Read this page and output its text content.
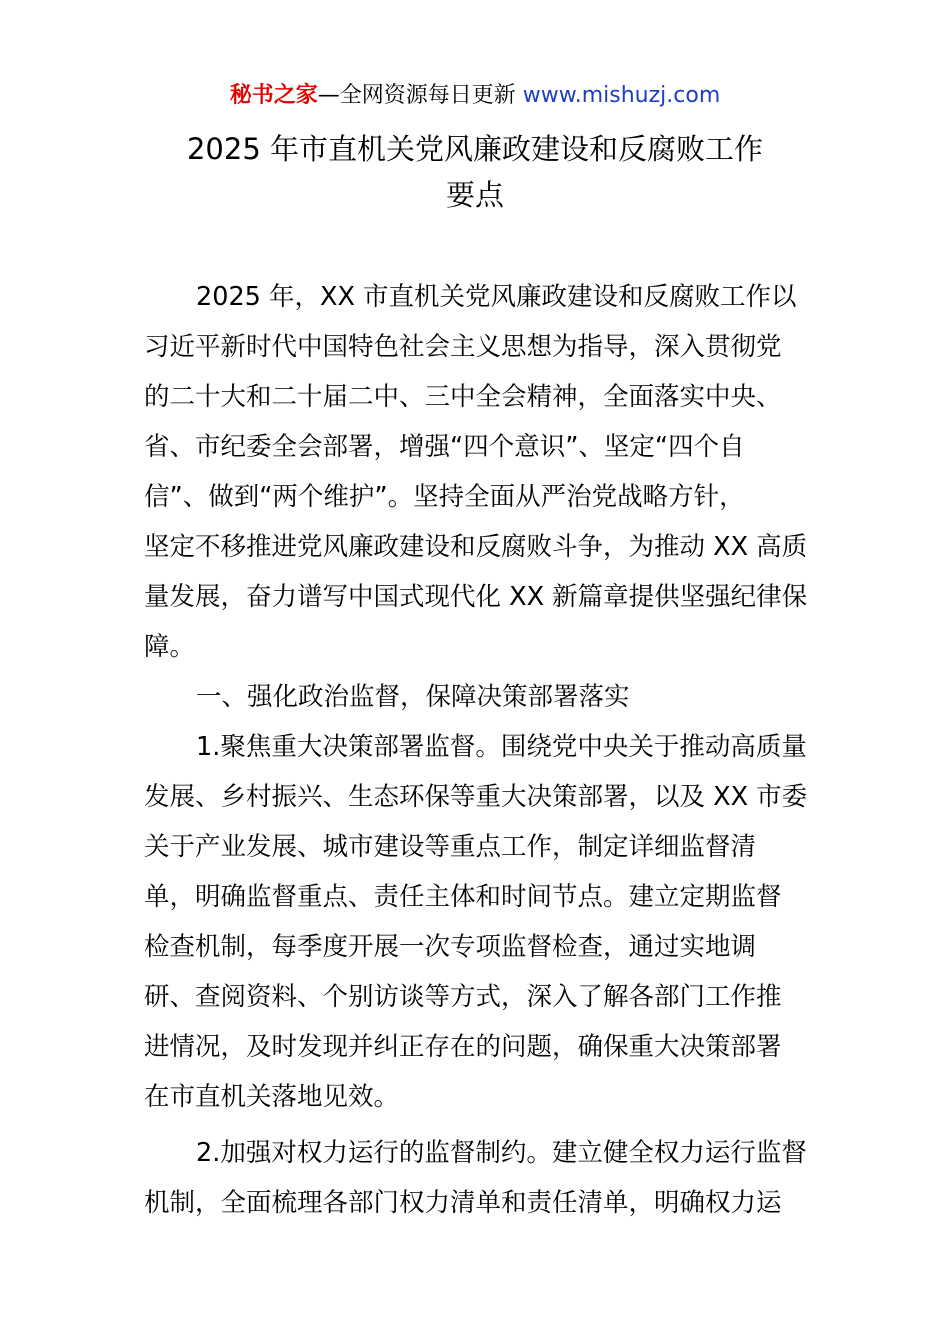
秘书之家—全网资源每日更新 www.mishuzj.com
2025 年市直机关党风廉政建设和反腐败工作
要点
2025 年，XX 市直机关党风廉政建设和反腐败工作以
习近平新时代中国特色社会主义思想为指导，深入贯彻党
的二十大和二十届二中、三中全会精神，全面落实中央、
省、市纪委全会部署，增强“四个意识”、坚定“四个自
信”、做到“两个维护”。坚持全面从严治党战略方针，
坚定不移推进党风廉政建设和反腐败斗争，为推动 XX 高质
量发展，奋力谱写中国式现代化 XX 新篇章提供坚强纪律保
障。
一、强化政治监督，保障决策部署落实
1.聚焦重大决策部署监督。围绕党中央关于推动高质量
发展、乡村振兴、生态环保等重大决策部署，以及 XX 市委
关于产业发展、城市建设等重点工作，制定详细监督清
单，明确监督重点、责任主体和时间节点。建立定期监督
检查机制，每季度开展一次专项监督检查，通过实地调
研、查阅资料、个别访谈等方式，深入了解各部门工作推
进情况，及时发现并纠正存在的问题，确保重大决策部署
在市直机关落地见效。
2.加强对权力运行的监督制约。建立健全权力运行监督
机制，全面梳理各部门权力清单和责任清单，明确权力运
